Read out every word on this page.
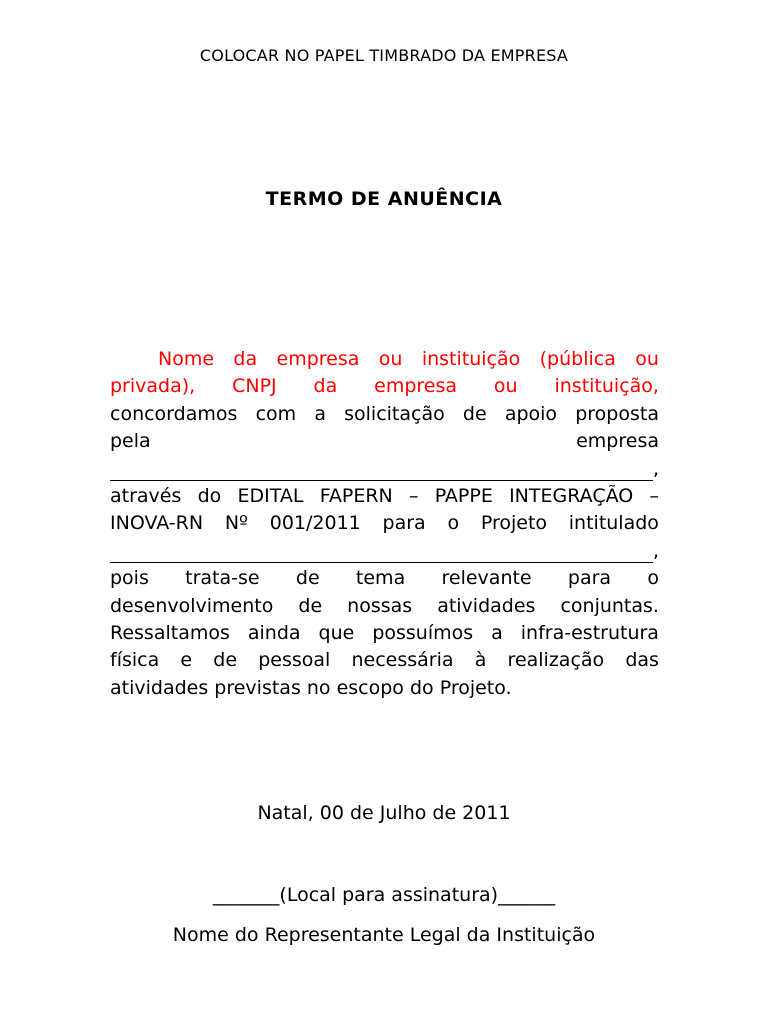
COLOCAR NO PAPEL TIMBRADO DA EMPRESA
TERMO DE ANUÊNCIA
Nome da empresa ou instituição (pública ou
privada), CNPJ da empresa ou instituição,
concordamos com a solicitação de apoio proposta
pela	empresa
,
através do EDITAL FAPERN – PAPPE INTEGRAÇÃO –
INOVA-RN Nº 001/2011 para o Projeto intitulado
,
pois trata-se de tema relevante para o
desenvolvimento de nossas atividades conjuntas.
Ressaltamos ainda que possuímos a infra-estrutura
física e de pessoal necessária à realização das
atividades previstas no escopo do Projeto.
Natal, 00 de Julho de 2011
_______(Local para assinatura)______
Nome do Representante Legal da Instituição
